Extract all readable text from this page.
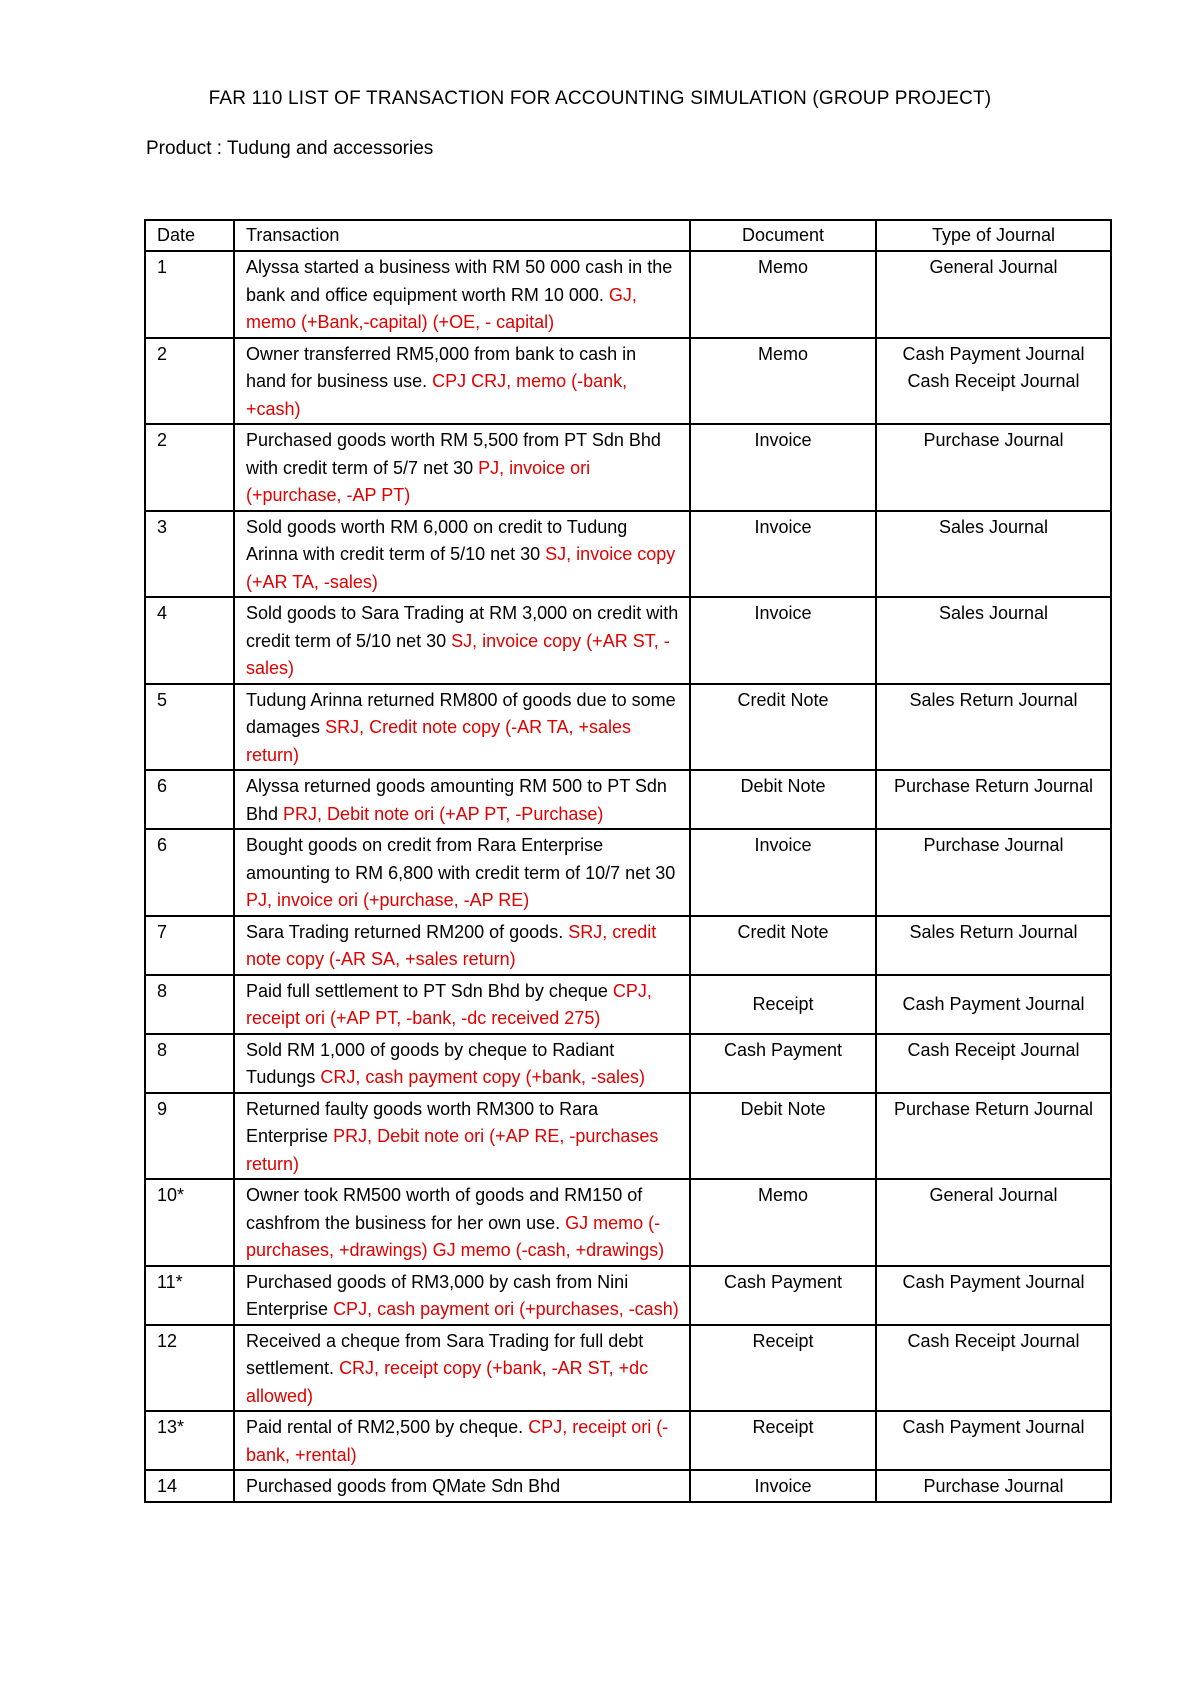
FAR 110 LIST OF TRANSACTION FOR ACCOUNTING SIMULATION (GROUP PROJECT)
Product : Tudung and accessories
Date	Transaction	Document	Type of Journal
1	Alyssa started a business with RM 50 000 cash in the bank and office equipment worth RM 10 000. GJ, memo (+Bank,-capital) (+OE, - capital)	Memo	General Journal

2	Owner transferred RM5,000 from bank to cash in hand for business use. CPJ CRJ, memo (-bank, +cash)	Memo	Cash Payment Journal
Cash Receipt Journal

2	Purchased goods worth RM 5,500 from PT Sdn Bhd with credit term of 5/7 net 30 PJ, invoice ori (+purchase, -AP PT)	Invoice	Purchase Journal

3	Sold goods worth RM 6,000 on credit to Tudung Arinna with credit term of 5/10 net 30 SJ, invoice copy (+AR TA, -sales)	Invoice	Sales Journal

4	Sold goods to Sara Trading at RM 3,000 on credit with credit term of 5/10 net 30 SJ, invoice copy (+AR ST, -sales)	Invoice	Sales Journal

5	Tudung Arinna returned RM800 of goods due to some damages SRJ, Credit note copy (-AR TA, +sales return)	Credit Note	Sales Return Journal

6	Alyssa returned goods amounting RM 500 to PT Sdn Bhd PRJ, Debit note ori (+AP PT, -Purchase)	Debit Note	Purchase Return Journal

6	Bought goods on credit from Rara Enterprise amounting to RM 6,800 with credit term of 10/7 net 30 PJ, invoice ori (+purchase, -AP RE)	Invoice	Purchase Journal

7	Sara Trading returned RM200 of goods. SRJ, credit note copy (-AR SA, +sales return)	Credit Note	Sales Return Journal

8	Paid full settlement to PT Sdn Bhd by cheque CPJ, receipt ori (+AP PT, -bank, -dc received 275)	Receipt	Cash Payment Journal

8	Sold RM 1,000 of goods by cheque to Radiant Tudungs CRJ, cash payment copy (+bank, -sales)	Cash Payment	Cash Receipt Journal

9	Returned faulty goods worth RM300 to Rara Enterprise PRJ, Debit note ori (+AP RE, -purchases return)	Debit Note	Purchase Return Journal

10*	Owner took RM500 worth of goods and RM150 of cashfrom the business for her own use. GJ memo (-purchases, +drawings) GJ memo (-cash, +drawings)	Memo	General Journal

11*	Purchased goods of RM3,000 by cash from Nini Enterprise CPJ, cash payment ori (+purchases, -cash)	Cash Payment	Cash Payment Journal

12	Received a cheque from Sara Trading for full debt settlement. CRJ, receipt copy (+bank, -AR ST, +dc allowed)	Receipt	Cash Receipt Journal

13*	Paid rental of RM2,500 by cheque. CPJ, receipt ori (-bank, +rental)	Receipt	Cash Payment Journal

14	Purchased goods from QMate Sdn Bhd	Invoice	Purchase Journal
